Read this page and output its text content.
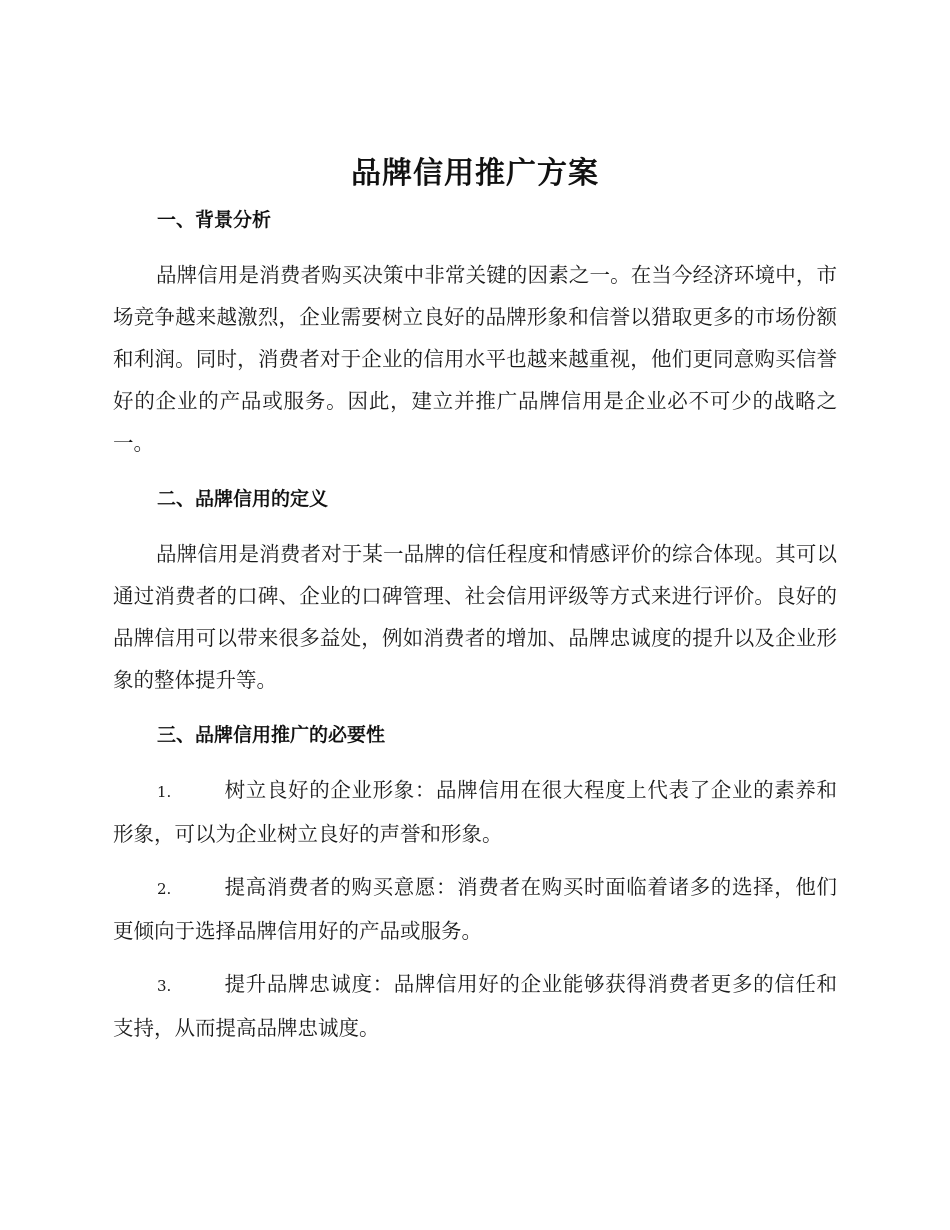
品牌信用推广方案
一、背景分析
品牌信用是消费者购买决策中非常关键的因素之一。在当今经济环境中，市场竞争越来越激烈，企业需要树立良好的品牌形象和信誉以猎取更多的市场份额和利润。同时，消费者对于企业的信用水平也越来越重视，他们更同意购买信誉好的企业的产品或服务。因此，建立并推广品牌信用是企业必不可少的战略之一。
二、品牌信用的定义
品牌信用是消费者对于某一品牌的信任程度和情感评价的综合体现。其可以通过消费者的口碑、企业的口碑管理、社会信用评级等方式来进行评价。良好的品牌信用可以带来很多益处，例如消费者的增加、品牌忠诚度的提升以及企业形象的整体提升等。
三、品牌信用推广的必要性
1.	树立良好的企业形象：品牌信用在很大程度上代表了企业的素养和形象，可以为企业树立良好的声誉和形象。
2.	提高消费者的购买意愿：消费者在购买时面临着诸多的选择，他们更倾向于选择品牌信用好的产品或服务。
3.	提升品牌忠诚度：品牌信用好的企业能够获得消费者更多的信任和支持，从而提高品牌忠诚度。
